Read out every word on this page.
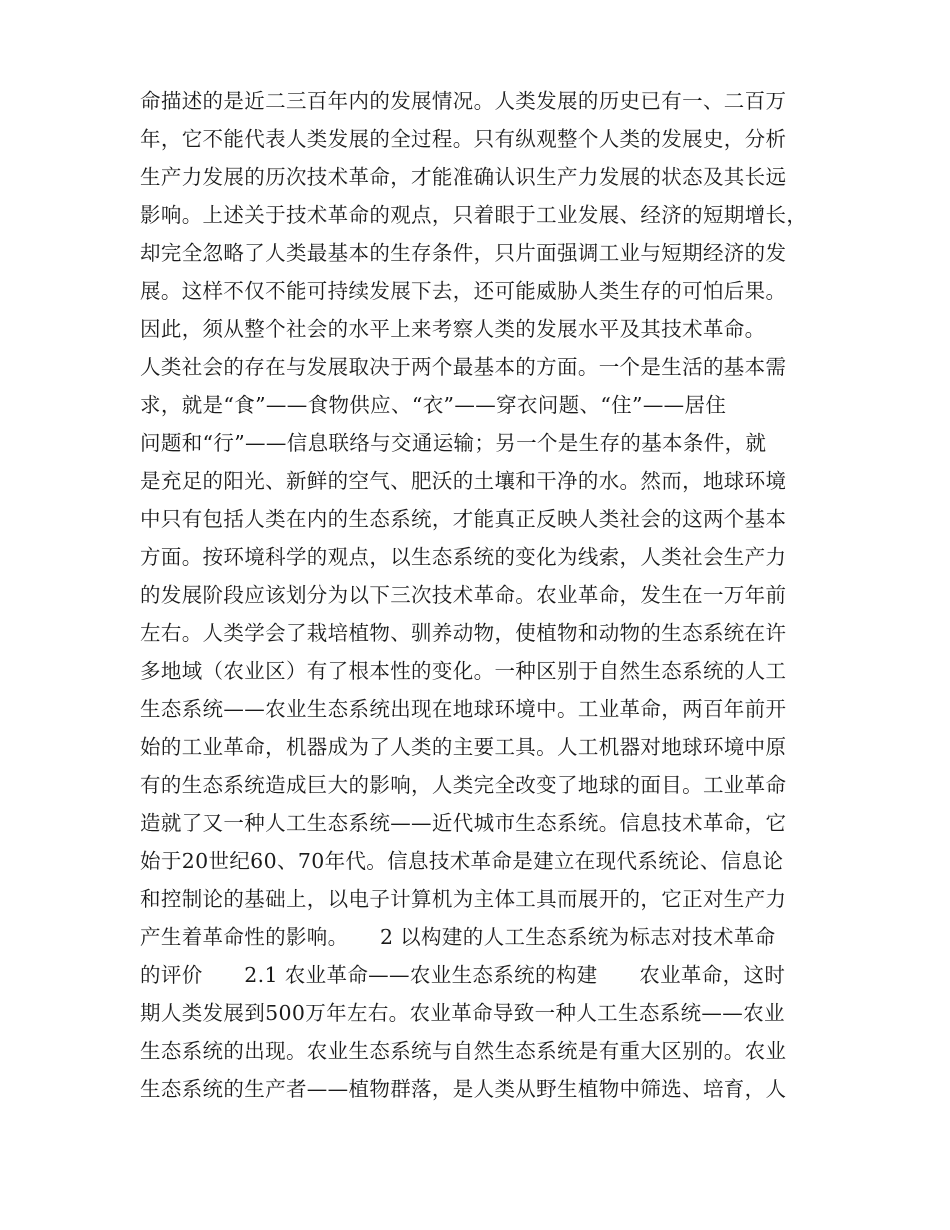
命描述的是近二三百年内的发展情况。人类发展的历史已有一、二百万
年，它不能代表人类发展的全过程。只有纵观整个人类的发展史，分析
生产力发展的历次技术革命，才能准确认识生产力发展的状态及其长远
影响。上述关于技术革命的观点，只着眼于工业发展、经济的短期增长，
却完全忽略了人类最基本的生存条件，只片面强调工业与短期经济的发
展。这样不仅不能可持续发展下去，还可能威胁人类生存的可怕后果。
因此，须从整个社会的水平上来考察人类的发展水平及其技术革命。
人类社会的存在与发展取决于两个最基本的方面。一个是生活的基本需
求，就是“食”——食物供应、“衣”——穿衣问题、“住”——居住
问题和“行”——信息联络与交通运输；另一个是生存的基本条件，就
是充足的阳光、新鲜的空气、肥沃的土壤和干净的水。然而，地球环境
中只有包括人类在内的生态系统，才能真正反映人类社会的这两个基本
方面。按环境科学的观点，以生态系统的变化为线索，人类社会生产力
的发展阶段应该划分为以下三次技术革命。农业革命，发生在一万年前
左右。人类学会了栽培植物、驯养动物，使植物和动物的生态系统在许
多地域（农业区）有了根本性的变化。一种区别于自然生态系统的人工
生态系统——农业生态系统出现在地球环境中。工业革命，两百年前开
始的工业革命，机器成为了人类的主要工具。人工机器对地球环境中原
有的生态系统造成巨大的影响，人类完全改变了地球的面目。工业革命
造就了又一种人工生态系统——近代城市生态系统。信息技术革命，它
始于20世纪60、70年代。信息技术革命是建立在现代系统论、信息论
和控制论的基础上，以电子计算机为主体工具而展开的，它正对生产力
产生着革命性的影响。　　2 以构建的人工生态系统为标志对技术革命
的评价　　2.1 农业革命——农业生态系统的构建　　农业革命，这时
期人类发展到500万年左右。农业革命导致一种人工生态系统——农业
生态系统的出现。农业生态系统与自然生态系统是有重大区别的。农业
生态系统的生产者——植物群落，是人类从野生植物中筛选、培育，人
